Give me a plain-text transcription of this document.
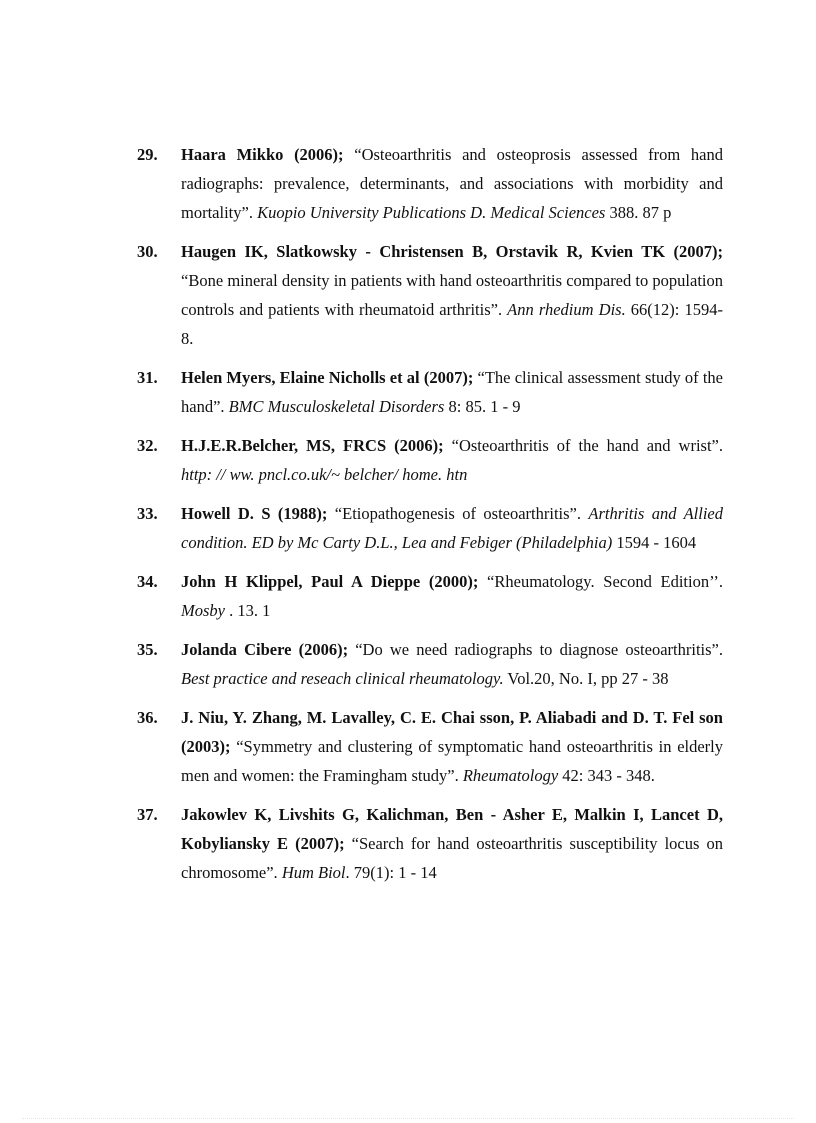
29.	Haara Mikko (2006); “Osteoarthritis and osteoprosis assessed from hand radiographs: prevalence, determinants, and associations with morbidity and mortality”. Kuopio University Publications D. Medical Sciences 388. 87 p

30.	Haugen IK, Slatkowsky - Christensen B, Orstavik R, Kvien TK (2007); “Bone mineral density in patients with hand osteoarthritis compared to population controls and patients with rheumatoid arthritis”. Ann rhedium Dis. 66(12): 1594-8.

31.	Helen Myers, Elaine Nicholls et al (2007); “The clinical assessment study of the hand”. BMC Musculoskeletal Disorders 8: 85. 1 - 9

32.	H.J.E.R.Belcher, MS, FRCS (2006); “Osteoarthritis of the hand and wrist”. http: // ww. pncl.co.uk/~ belcher/ home. htn

33.	Howell D. S (1988); “Etiopathogenesis of osteoarthritis”. Arthritis and Allied condition. ED by Mc Carty D.L., Lea and Febiger (Philadelphia) 1594 - 1604

34.	John H Klippel, Paul A Dieppe (2000); “Rheumatology. Second Edition’’. Mosby . 13. 1

35.	Jolanda Cibere (2006); “Do we need radiographs to diagnose osteoarthritis”. Best practice and reseach clinical rheumatology. Vol.20, No. I, pp 27 - 38

36.	J. Niu, Y. Zhang, M. Lavalley, C. E. Chai sson, P. Aliabadi and D. T. Fel son (2003); “Symmetry and clustering of symptomatic hand osteoarthritis in elderly men and women: the Framingham study”. Rheumatology 42: 343 - 348.

37.	Jakowlev K, Livshits G, Kalichman, Ben - Asher E, Malkin I, Lancet D, Kobyliansky E (2007); “Search for hand osteoarthritis susceptibility locus on chromosome”. Hum Biol. 79(1): 1 - 14
